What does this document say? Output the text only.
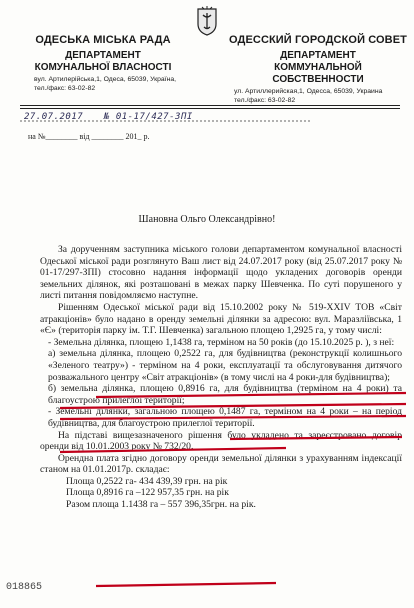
ОДЕСЬКА МІСЬКА РАДА
ДЕПАРТАМЕНТ
КОМУНАЛЬНОЇ ВЛАСНОСТІ
вул. Артилерійська,1, Одеса, 65039, Україна,
тел./факс: 63-02-82
ОДЕССКИЙ ГОРОДСКОЙ СОВЕТ
ДЕПАРТАМЕНТ
КОММУНАЛЬНОЙ СОБСТВЕННОСТИ
ул. Артиллерийская,1, Одесса, 65039, Украина
тел./факс: 63-02-82
27.07.2017 № 01-17/427-3ПІ
на №________ від ________ 201_ р.
Шановна Ольго Олександрівно!

За дорученням заступника міського голови департаментом комунальної власності Одеської міської ради розглянуто Ваш лист від 24.07.2017 року (від 25.07.2017 року № 01-17/297-ЗПІ) стосовно надання інформації щодо укладених договорів оренди земельних ділянок, які розташовані в межах парку Шевченка. По суті порушеного у листі питання повідомляємо наступне.

Рішенням Одеської міської ради від 15.10.2002 року № 519-XXIV ТОВ «Світ атракціонів» було надано в оренду земельні ділянки за адресою: вул. Маразліївська, 1 «Є» (територія парку ім. Т.Г. Шевченка) загальною площею 1,2925 га, у тому числі:

- Земельна ділянка, площею 1,1438 га, терміном на 50 років (до 15.10.2025 р. ), з неї:

а) земельна ділянка, площею 0,2522 га, для будівництва (реконструкції колишнього «Зеленого театру») - терміном на 4 роки, експлуатації та обслуговування дитячого розважального центру «Світ атракціонів» (в тому числі на 4 роки-для будівництва);

б) земельна ділянка, площею 0,8916 га, для будівництва (терміном на 4 роки) та благоустрою прилеглої території;

- Земельні ділянки, загальною площею 0,1487 га, терміном на 4 роки – на період будівництва, для благоустрою прилеглої території.

На підставі вищезазначеного рішення було укладено та зареєстровано договір оренди від 10.01.2003 року № 732/20.

Орендна плата згідно договору оренди земельної ділянки з урахуванням індексації станом на 01.01.2017р. складає:

Площа 0,2522 га- 434 439,39 грн. на рік

Площа 0,8916 га –122 957,35 грн. на рік

Разом площа 1.1438 га – 557 396,35грн. на рік.

018865
